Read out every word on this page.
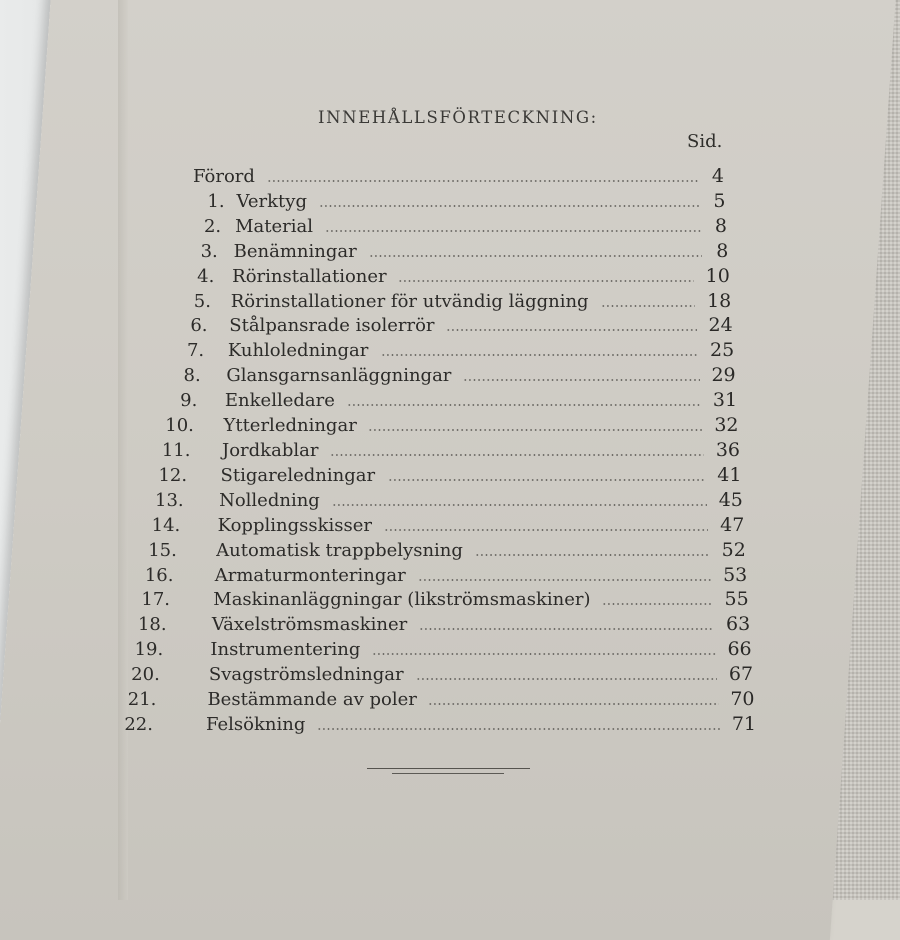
INNEHÅLLSFÖRTECKNING:
Sid.
Förord	4
1. Verktyg	5
2. Material	8
3. Benämningar	8
4. Rörinstallationer	10
5. Rörinstallationer för utvändig läggning	18
6. Stålpansrade isolerrör	24
7. Kuhloledningar	25
8. Glansgarnsanläggningar	29
9. Enkelledare	31
10. Ytterledningar	32
11. Jordkablar	36
12. Stigareledningar	41
13. Nolledning	45
14. Kopplingsskisser	47
15. Automatisk trappbelysning	52
16. Armaturmonteringar	53
17. Maskinanläggningar (likströmsmaskiner)	55
18.	Växelströmsmaskiner	63
19.	Instrumentering	66
20.	Svagströmsledningar	67
21.	Bestämmande av poler	70
22.	Felsökning	71
